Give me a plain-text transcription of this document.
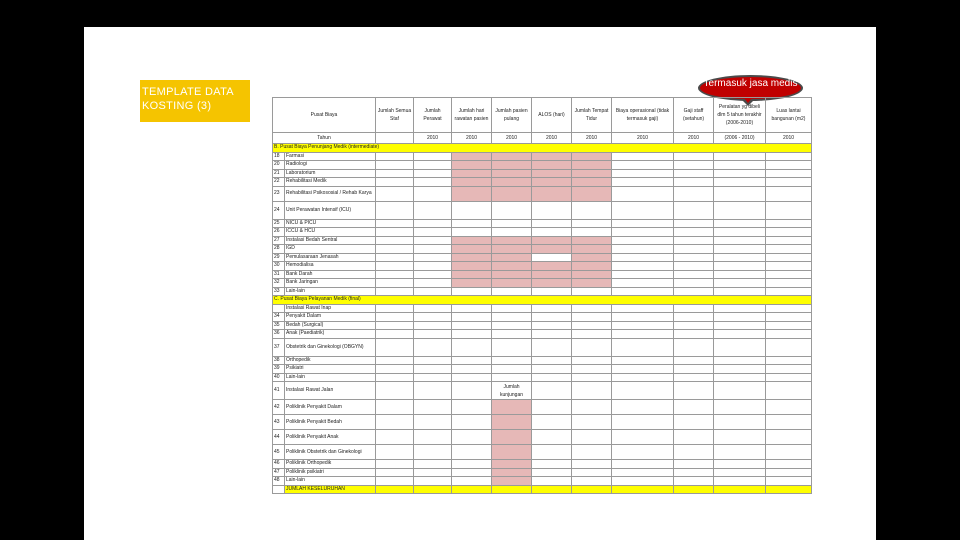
TEMPLATE DATA KOSTING (3)
Termasuk jasa medis
Pusat Biaya		Jumlah Semua Staf	Jumlah Perawat	Jumlah hari rawatan pasien	Jumlah pasien pulang	ALOS (hari)	Jumlah Tempat Tidur	Biaya operasional (tidak termasuk gaji)	Gaji staff (setahun)	Peralatan yg dibeli dlm 5 tahun terakhir (2006-2010)	Luas lantai bangunan (m2)
Tahun			2010	2010	2010	2010	2010	2010	2010	(2006 - 2010)	2010
B. Pusat Biaya Penunjang Medik (intermediate)											
18	Farmasi										
20	Radiologi										
21	Laboratorium										
22	Rehabilitasi Medik										
23	Rehabilitasi Psikososial / Rehab Karya										
24	Unit Perawatan Intensif (ICU)										
25	NICU & PICU										
26	ICCU & HCU										
27	Instalasi Bedah Sentral										
28	IGD										
29	Pemulasaraan Jenasah										
30	Hemodialisa										
31	Bank Darah										
32	Bank Jaringan										
33	Lain-lain										
C. Pusat Biaya Pelayanan Medik (final)											
	Instalasi Rawat Inap										
34	Penyakit Dalam										
35	Bedah (Surgical)										
36	Anak (Paediatrik)										
37	Obstetrik dan Ginekologi (OBGYN)										
38	Orthopedik										
39	Psikiatri										
40	Lain-lain										
41	Instalasi Rawat Jalan				Jumlah kunjungan						
42	Poliklinik Penyakit Dalam										
43	Poliklinik Penyakit Bedah										
44	Poliklinik Penyakit Anak										
45	Poliklinik Obstetrik dan Ginekologi										
46	Poliklinik Orthopedik										
47	Poliklinik psikiatri										
48	Lain-lain										
	JUMLAH KESELURUHAN										
